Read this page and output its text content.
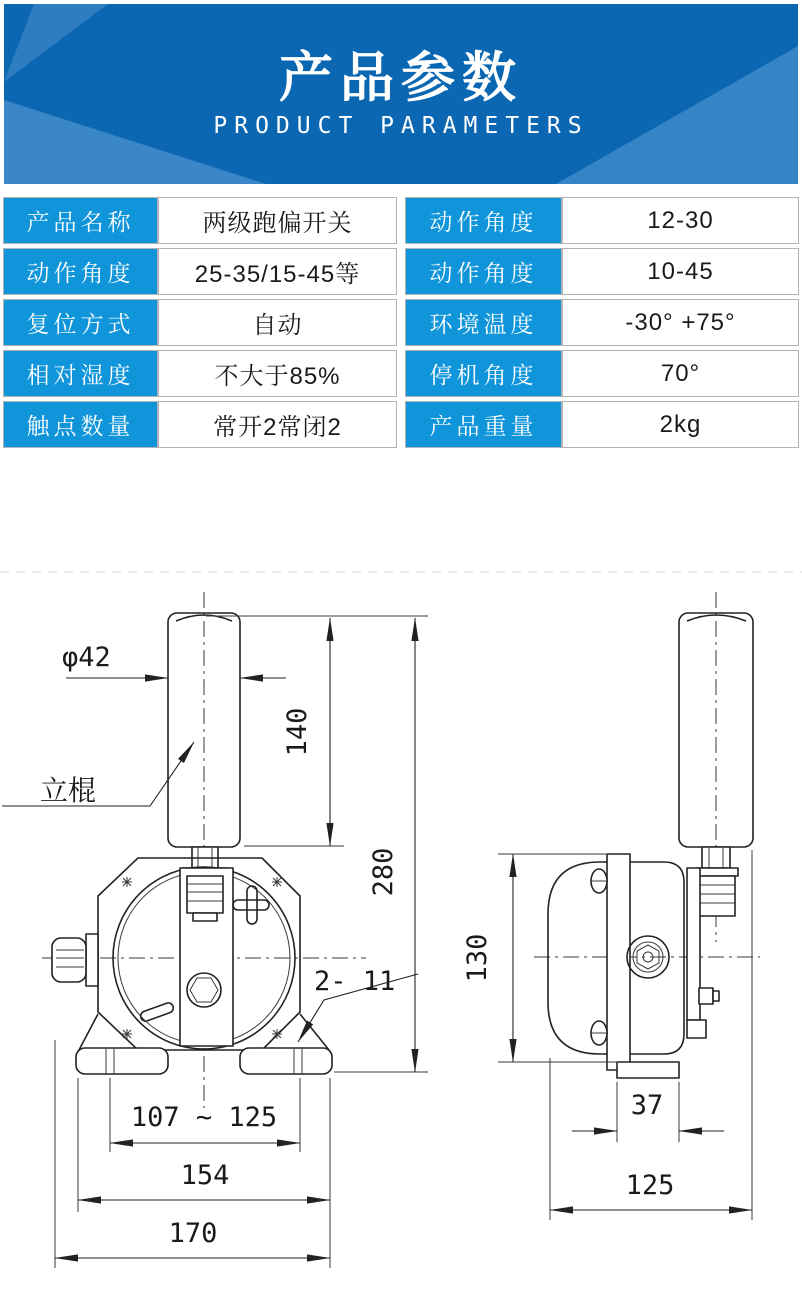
产品参数
PRODUCT PARAMETERS
产品名称	两级跑偏开关	动作角度	12-30
动作角度	25-35/15-45等	动作角度	10-45
复位方式	自动	环境温度	-30° +75°
相对湿度	不大于85%	停机角度	70°
触点数量	常开2常闭2	产品重量	2kg
φ42
立棍
140
280
2- 11
107 ~ 125
154
170
130
37
125
